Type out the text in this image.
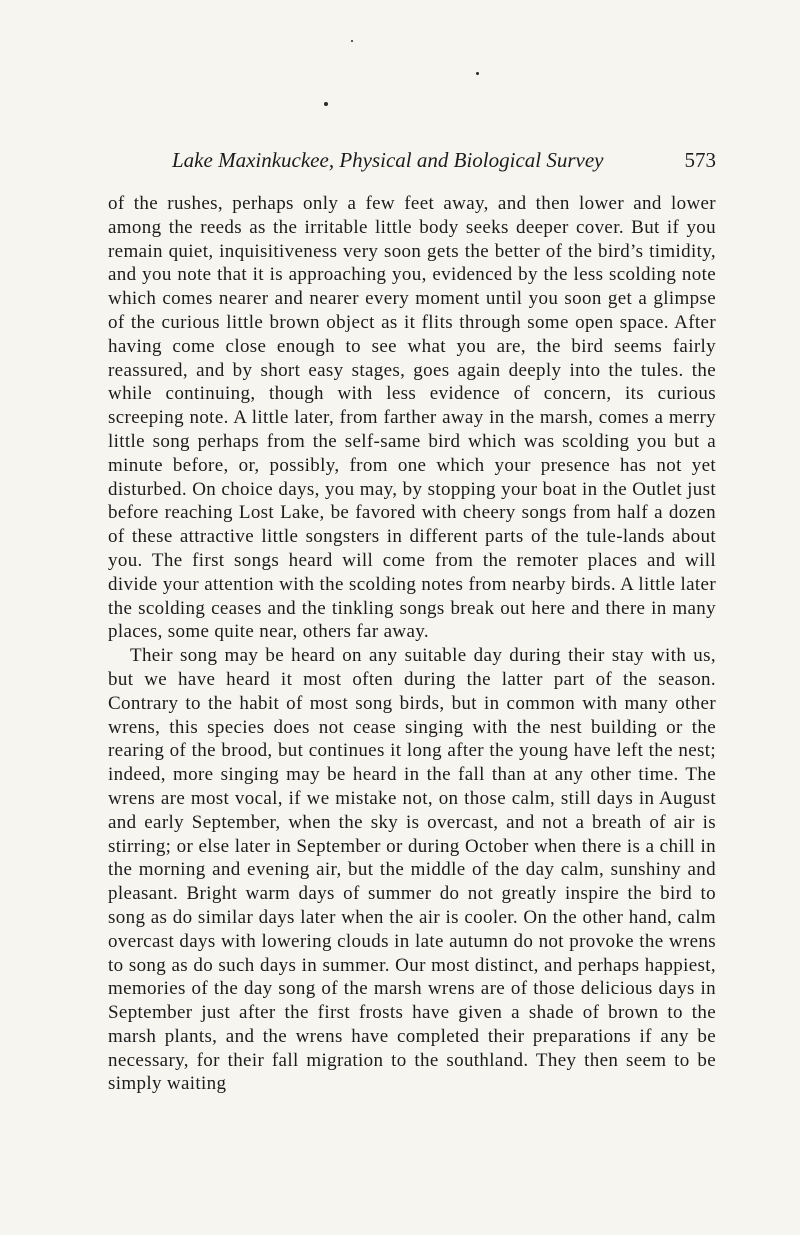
Lake Maxinkuckee, Physical and Biological Survey	573

of the rushes, perhaps only a few feet away, and then lower and lower among the reeds as the irritable little body seeks deeper cover. But if you remain quiet, inquisitiveness very soon gets the better of the bird’s timidity, and you note that it is approaching you, evidenced by the less scolding note which comes nearer and nearer every moment until you soon get a glimpse of the curious little brown object as it flits through some open space. After having come close enough to see what you are, the bird seems fairly reassured, and by short easy stages, goes again deeply into the tules. the while continuing, though with less evidence of concern, its curious screeping note. A little later, from farther away in the marsh, comes a merry little song perhaps from the self-same bird which was scolding you but a minute before, or, possibly, from one which your presence has not yet disturbed. On choice days, you may, by stopping your boat in the Outlet just before reaching Lost Lake, be favored with cheery songs from half a dozen of these attractive little songsters in different parts of the tule-lands about you. The first songs heard will come from the remoter places and will divide your attention with the scolding notes from nearby birds. A little later the scolding ceases and the tinkling songs break out here and there in many places, some quite near, others far away.

Their song may be heard on any suitable day during their stay with us, but we have heard it most often during the latter part of the season. Contrary to the habit of most song birds, but in common with many other wrens, this species does not cease singing with the nest building or the rearing of the brood, but continues it long after the young have left the nest; indeed, more singing may be heard in the fall than at any other time. The wrens are most vocal, if we mistake not, on those calm, still days in August and early September, when the sky is overcast, and not a breath of air is stirring; or else later in September or during October when there is a chill in the morning and evening air, but the middle of the day calm, sunshiny and pleasant. Bright warm days of summer do not greatly inspire the bird to song as do similar days later when the air is cooler. On the other hand, calm overcast days with lowering clouds in late autumn do not provoke the wrens to song as do such days in summer. Our most distinct, and perhaps happiest, memories of the day song of the marsh wrens are of those delicious days in September just after the first frosts have given a shade of brown to the marsh plants, and the wrens have completed their preparations if any be necessary, for their fall migration to the southland. They then seem to be simply waiting
